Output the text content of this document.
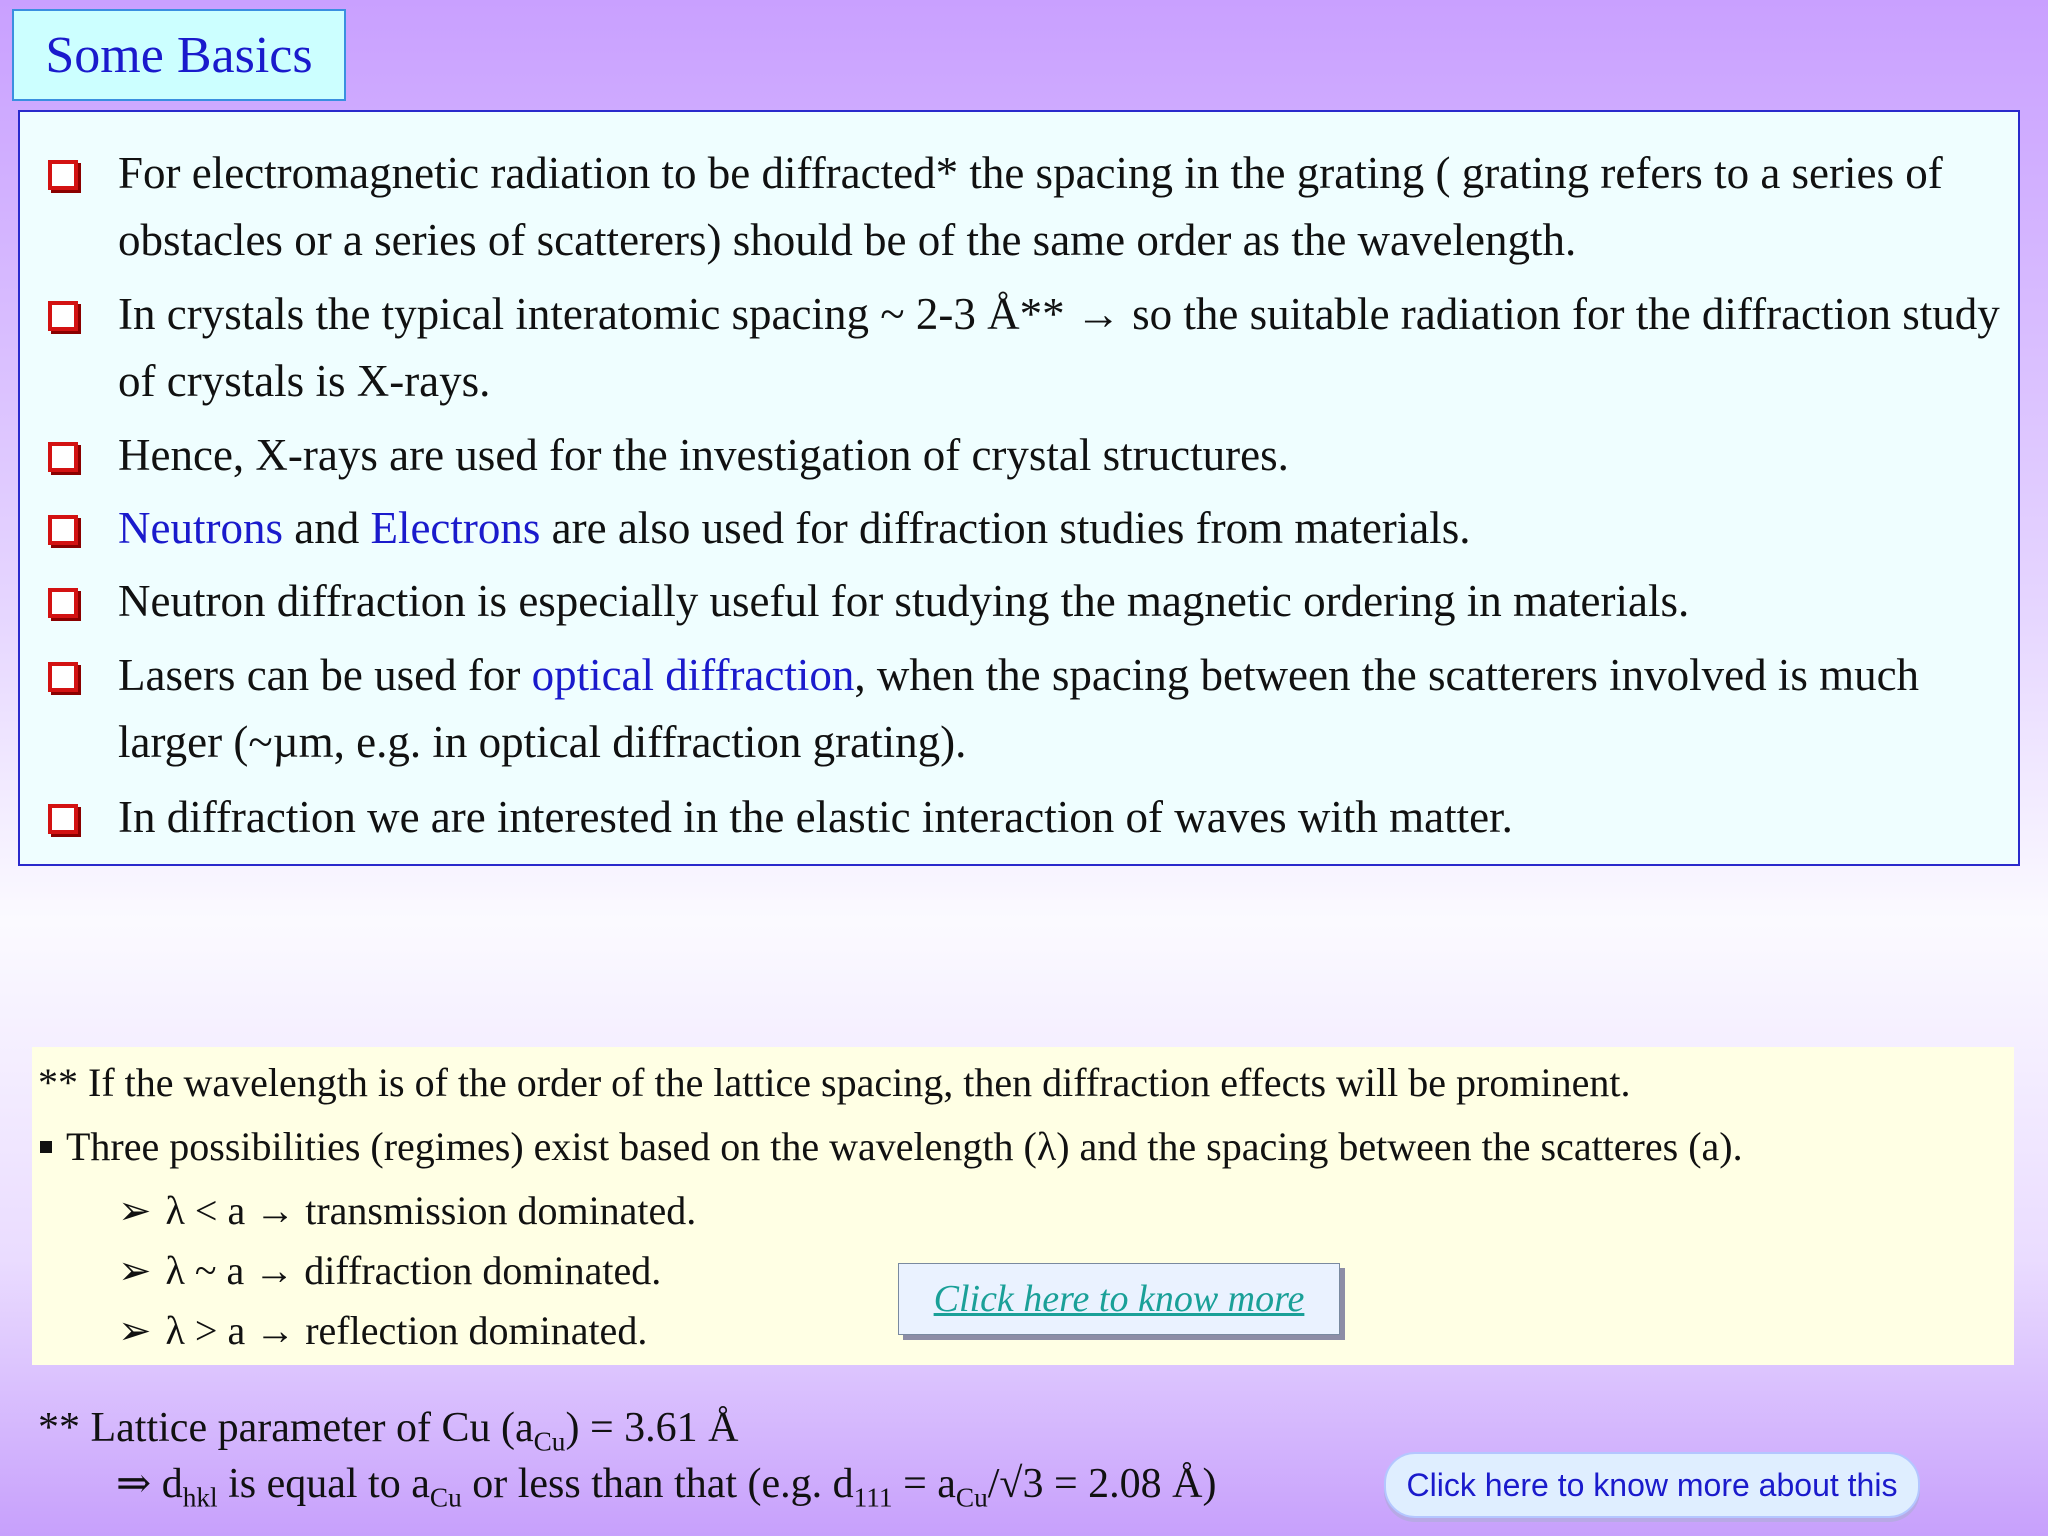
Some Basics
For electromagnetic radiation to be diffracted* the spacing in the grating ( grating refers to a series of obstacles or a series of scatterers) should be of the same order as the wavelength.
In crystals the typical interatomic spacing ~ 2-3 Å** → so the suitable radiation for the diffraction study of crystals is X-rays.
Hence, X-rays are used for the investigation of crystal structures.
Neutrons and Electrons are also used for diffraction studies from materials.
Neutron diffraction is especially useful for studying the magnetic ordering in materials.
Lasers can be used for optical diffraction, when the spacing between the scatterers involved is much larger (~µm, e.g. in optical diffraction grating).
In diffraction we are interested in the elastic interaction of waves with matter.
** If the wavelength is of the order of the lattice spacing, then diffraction effects will be prominent.
Three possibilities (regimes) exist based on the wavelength (λ) and the spacing between the scatteres (a).
➢ λ < a → transmission dominated.
➢ λ ~ a → diffraction dominated.
➢ λ > a → reflection dominated.
Click here to know more
** Lattice parameter of Cu $(a_{Cu}) = 3.61$ Å
⇒ $d_{hkl}$ is equal to $a_{Cu}$ or less than that (e.g. $d_{111} = a_{Cu}/√3 = 2.08$ Å)	Click here to know more about this
